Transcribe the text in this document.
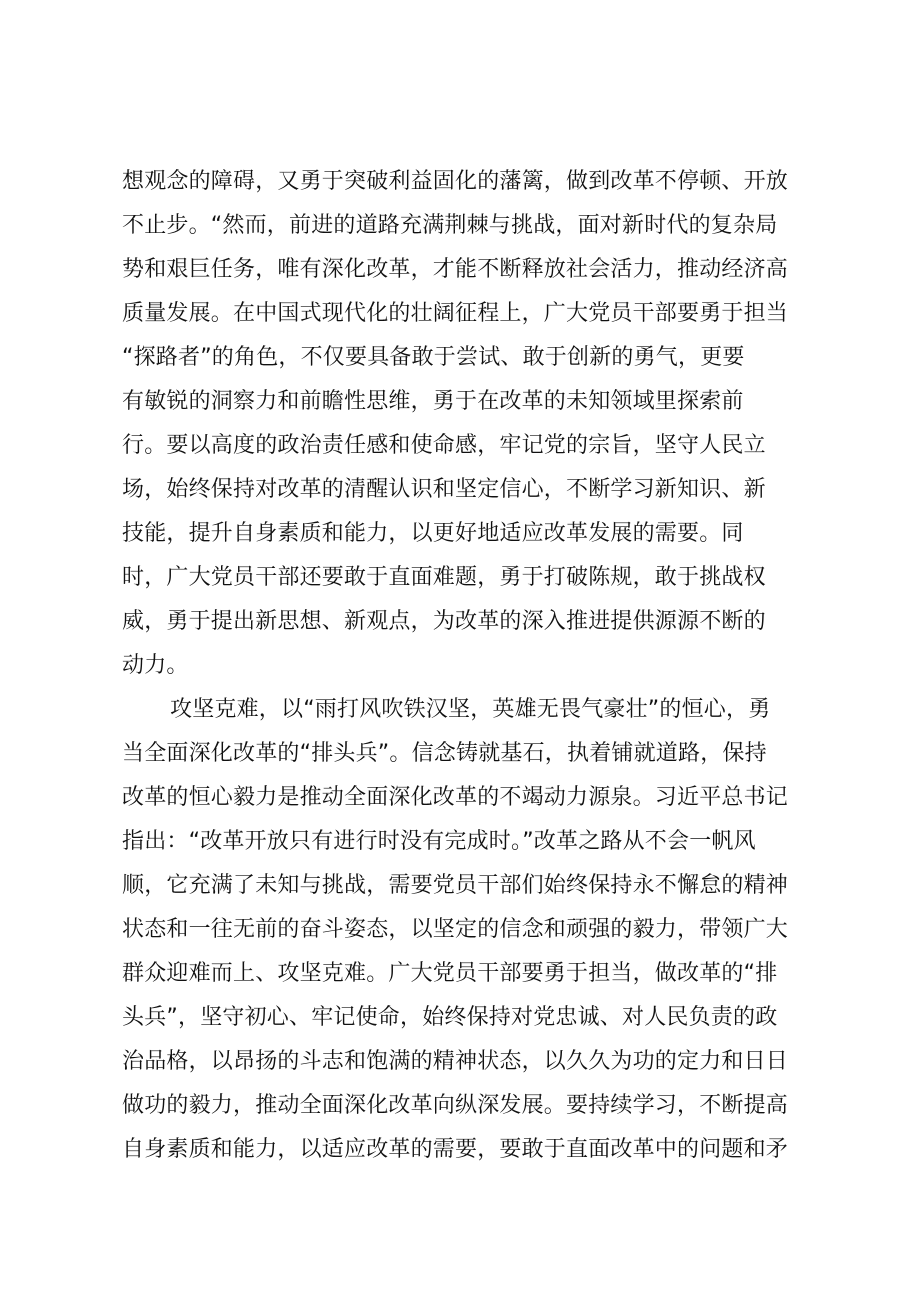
想观念的障碍，又勇于突破利益固化的藩篱，做到改革不停顿、开放
不止步。“然而，前进的道路充满荆棘与挑战，面对新时代的复杂局
势和艰巨任务，唯有深化改革，才能不断释放社会活力，推动经济高
质量发展。在中国式现代化的壮阔征程上，广大党员干部要勇于担当
“探路者”的角色，不仅要具备敢于尝试、敢于创新的勇气，更要
有敏锐的洞察力和前瞻性思维，勇于在改革的未知领域里探索前
行。要以高度的政治责任感和使命感，牢记党的宗旨，坚守人民立
场，始终保持对改革的清醒认识和坚定信心，不断学习新知识、新
技能，提升自身素质和能力，以更好地适应改革发展的需要。同
时，广大党员干部还要敢于直面难题，勇于打破陈规，敢于挑战权
威，勇于提出新思想、新观点，为改革的深入推进提供源源不断的
动力。
攻坚克难，以“雨打风吹铁汉坚，英雄无畏气豪壮”的恒心，勇
当全面深化改革的“排头兵”。信念铸就基石，执着铺就道路，保持
改革的恒心毅力是推动全面深化改革的不竭动力源泉。习近平总书记
指出：“改革开放只有进行时没有完成时。”改革之路从不会一帆风
顺，它充满了未知与挑战，需要党员干部们始终保持永不懈怠的精神
状态和一往无前的奋斗姿态，以坚定的信念和顽强的毅力，带领广大
群众迎难而上、攻坚克难。广大党员干部要勇于担当，做改革的“排
头兵”，坚守初心、牢记使命，始终保持对党忠诚、对人民负责的政
治品格，以昂扬的斗志和饱满的精神状态，以久久为功的定力和日日
做功的毅力，推动全面深化改革向纵深发展。要持续学习，不断提高
自身素质和能力，以适应改革的需要，要敢于直面改革中的问题和矛
